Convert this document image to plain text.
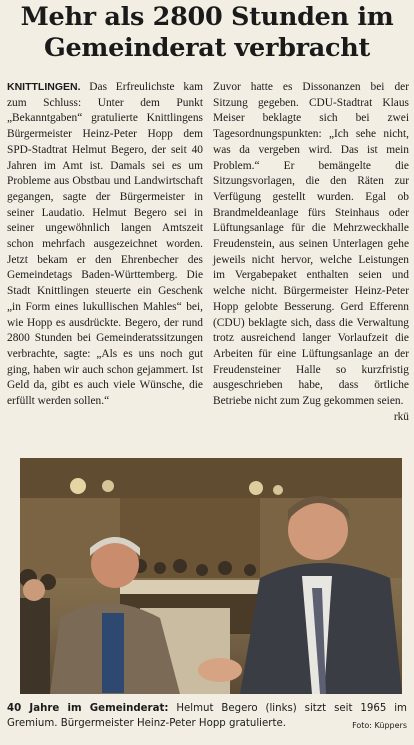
Mehr als 2800 Stunden im Gemeinderat verbracht
KNITTLINGEN. Das Erfreulichste kam zum Schluss: Unter dem Punkt „Bekanntgaben“ gratulierte Knittlingens Bürgermeister Heinz-Peter Hopp dem SPD-Stadtrat Helmut Begero, der seit 40 Jahren im Amt ist. Damals sei es um Probleme aus Obstbau und Landwirtschaft gegangen, sagte der Bürgermeister in seiner Laudatio. Helmut Begero sei in seiner ungewöhnlich langen Amtszeit schon mehrfach ausgezeichnet worden. Jetzt bekam er den Ehrenbecher des Gemeindetags Baden-Württemberg. Die Stadt Knittlingen steuerte ein Geschenk „in Form eines lukullischen Mahles“ bei, wie Hopp es ausdrückte. Begero, der rund 2800 Stunden bei Gemeinderatssitzungen verbrachte, sagte: „Als es uns noch gut ging, haben wir auch schon gejammert. Ist Geld da, gibt es auch viele Wünsche, die erfüllt werden sollen.“
Zuvor hatte es Dissonanzen bei der Sitzung gegeben. CDU-Stadtrat Klaus Meiser beklagte sich bei zwei Tagesordnungspunkten: „Ich sehe nicht, was da vergeben wird. Das ist mein Problem.“ Er bemängelte die Sitzungsvorlagen, die den Räten zur Verfügung gestellt wurden. Egal ob Brandmeldeanlage fürs Steinhaus oder Lüftungsanlage für die Mehrzweckhalle Freudenstein, aus seinen Unterlagen gehe jeweils nicht hervor, welche Leistungen im Vergabepaket enthalten seien und welche nicht. Bürgermeister Heinz-Peter Hopp gelobte Besserung. Gerd Efferenn (CDU) beklagte sich, dass die Verwaltung trotz ausreichend langer Vorlaufzeit die Arbeiten für eine Lüftungsanlage an der Freudensteiner Halle so kurzfristig ausgeschrieben habe, dass örtliche Betriebe nicht zum Zug gekommen seien.
rkü
40 Jahre im Gemeinderat: Helmut Begero (links) sitzt seit 1965 im Gremium. Bürgermeister Heinz-Peter Hopp gratulierte.	Foto: Küppers
